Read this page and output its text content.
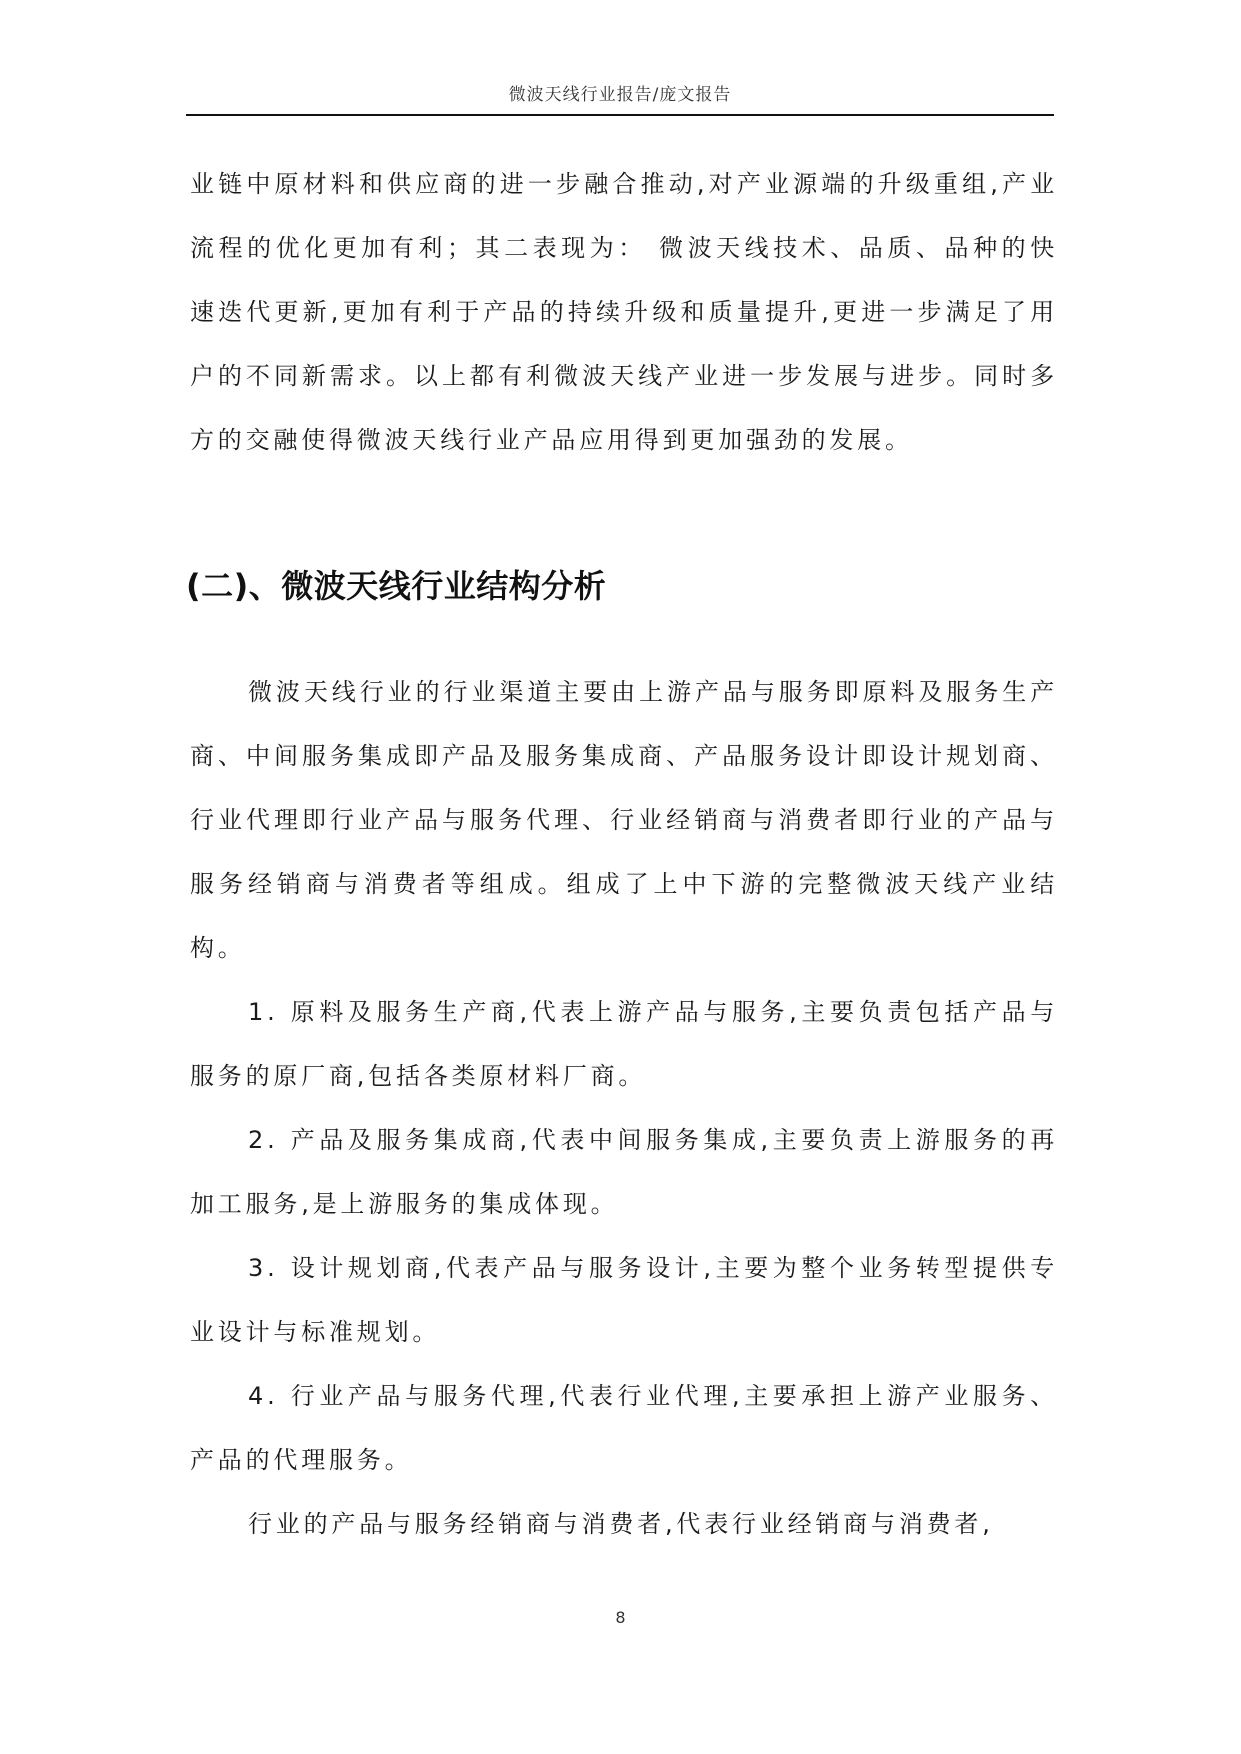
微波天线行业报告/庞文报告

业链中原材料和供应商的进一步融合推动,对产业源端的升级重组,产业流程的优化更加有利；其二表现为： 微波天线技术、品质、品种的快速迭代更新,更加有利于产品的持续升级和质量提升,更进一步满足了用户的不同新需求。以上都有利微波天线产业进一步发展与进步。同时多方的交融使得微波天线行业产品应用得到更加强劲的发展。

(二)、微波天线行业结构分析

微波天线行业的行业渠道主要由上游产品与服务即原料及服务生产商、中间服务集成即产品及服务集成商、产品服务设计即设计规划商、行业代理即行业产品与服务代理、行业经销商与消费者即行业的产品与服务经销商与消费者等组成。组成了上中下游的完整微波天线产业结构。

1. 原料及服务生产商,代表上游产品与服务,主要负责包括产品与服务的原厂商,包括各类原材料厂商。

2. 产品及服务集成商,代表中间服务集成,主要负责上游服务的再加工服务,是上游服务的集成体现。

3. 设计规划商,代表产品与服务设计,主要为整个业务转型提供专业设计与标准规划。

4. 行业产品与服务代理,代表行业代理,主要承担上游产业服务、产品的代理服务。

行业的产品与服务经销商与消费者,代表行业经销商与消费者,

8
